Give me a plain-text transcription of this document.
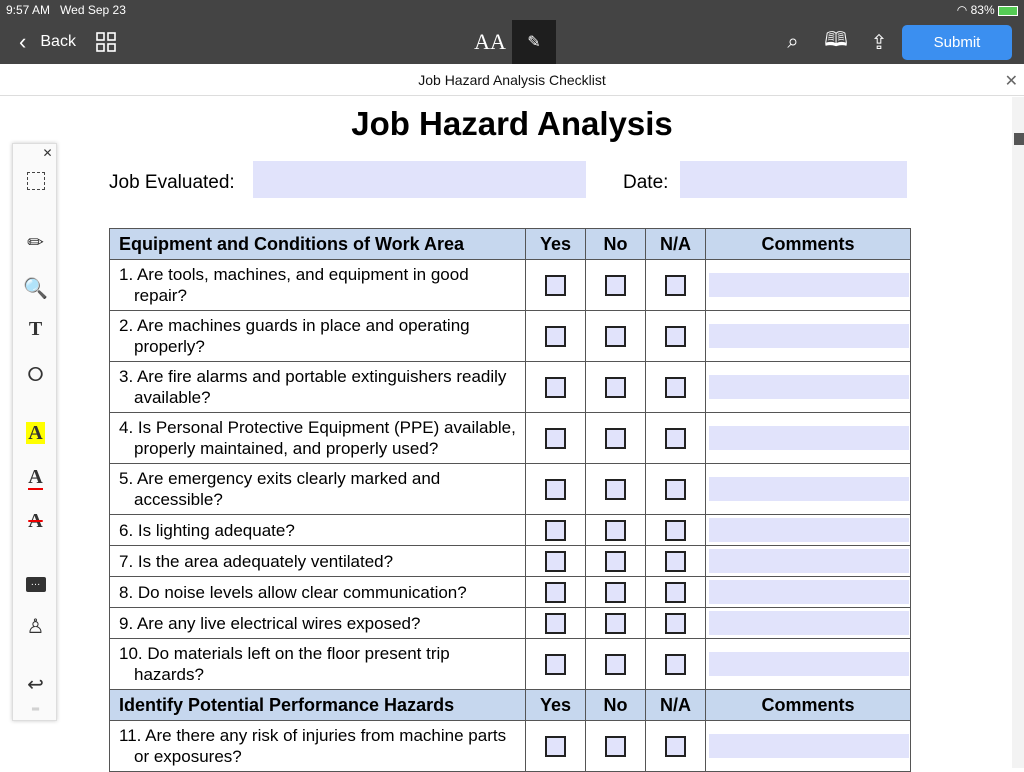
9:57 AM Wed Sep 23	◠ 83%
‹ Back	AA ✎	⌕	🕮 ⇪	Submit
Job Hazard Analysis Checklist	✕
Job Hazard Analysis
Job Evaluated:	Date:
Equipment and Conditions of Work Area	Yes	No	N/A	Comments
1. Are tools, machines, and equipment in good repair?				

2. Are machines guards in place and operating properly?				

3. Are fire alarms and portable extinguishers readily available?				

4. Is Personal Protective Equipment (PPE) available, properly maintained, and properly used?				

5. Are emergency exits clearly marked and accessible?				

6. Is lighting adequate?				

7. Is the area adequately ventilated?				

8. Do noise levels allow clear communication?				

9. Are any live electrical wires exposed?				

10. Do materials left on the floor present trip hazards?				

Identify Potential Performance Hazards	Yes	No	N/A	Comments
11. Are there any risk of injuries from machine parts or exposures?				
✕
✏
🔍
T
⭘
A
A
A
…
♙
↩
═
